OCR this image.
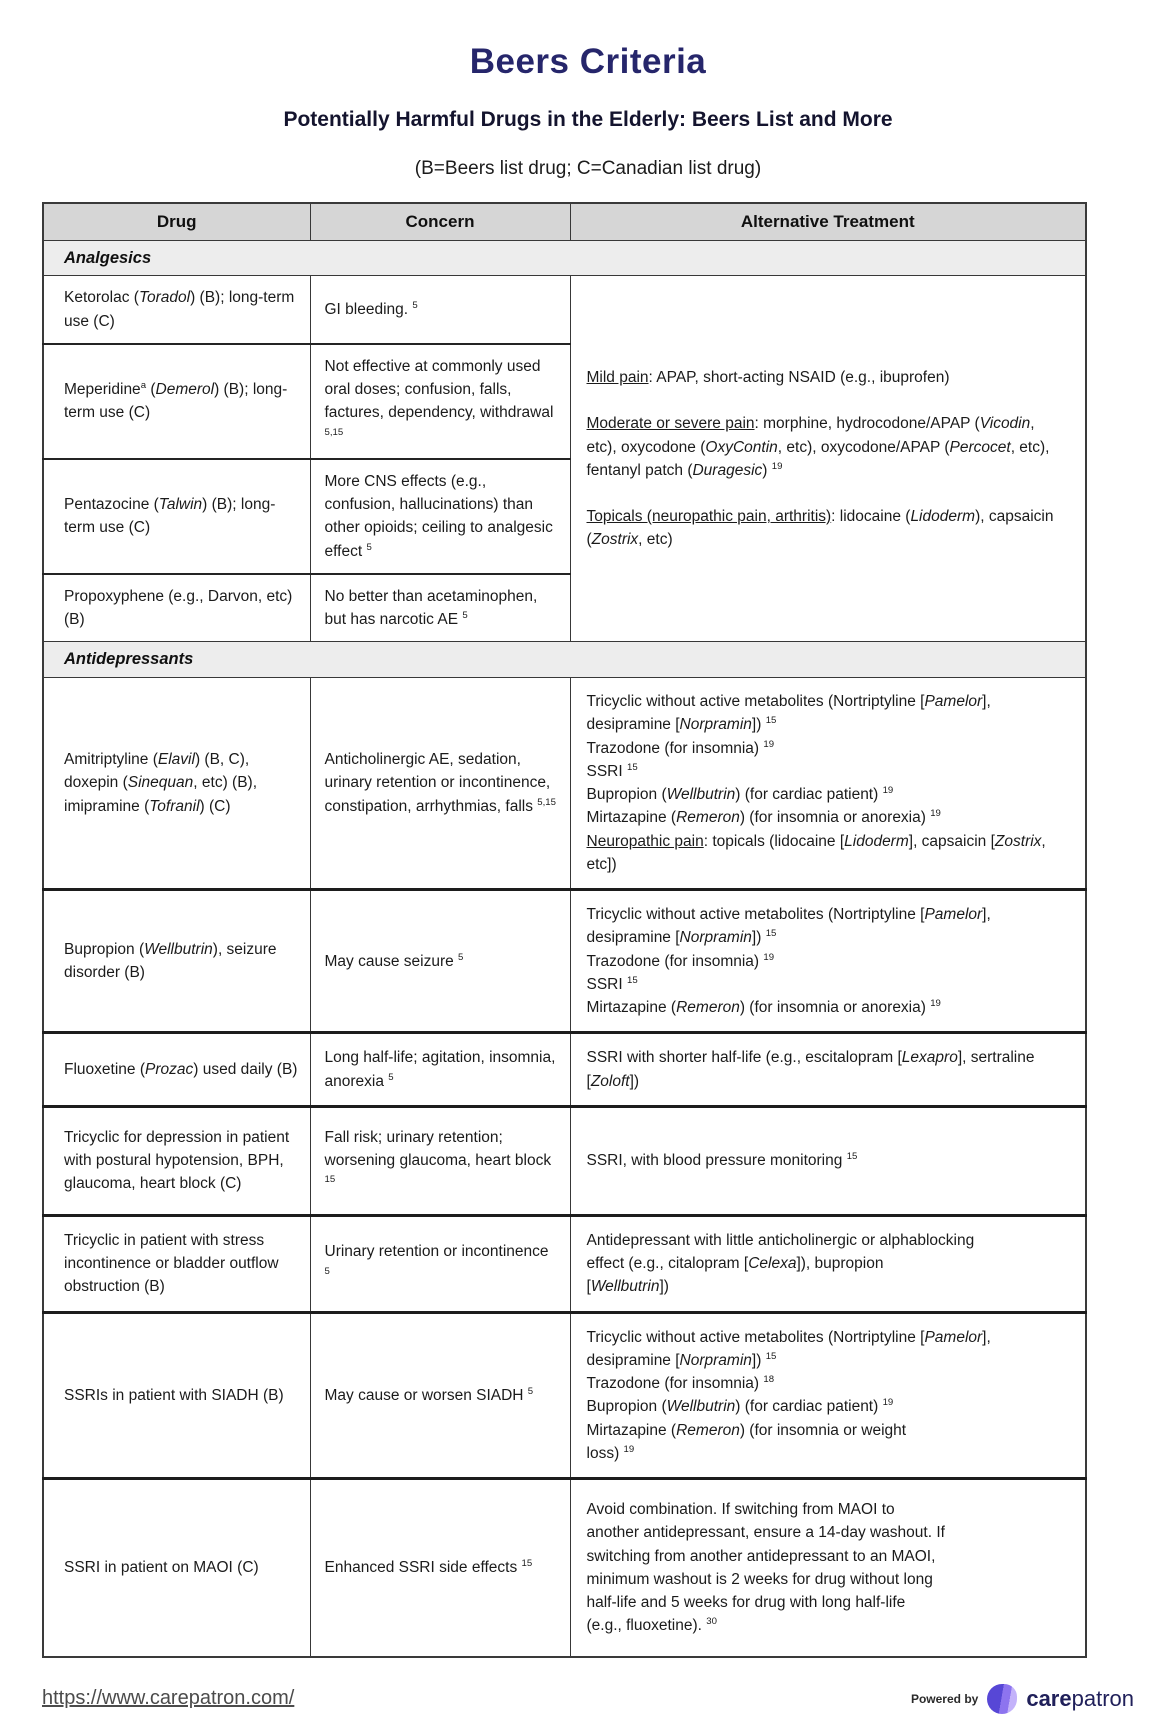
Beers Criteria
Potentially Harmful Drugs in the Elderly: Beers List and More
(B=Beers list drug; C=Canadian list drug)
Drug	Concern	Alternative Treatment
Analgesics		
Ketorolac (Toradol) (B); long-term use (C)	GI bleeding. $^5$	

Mild pain: APAP, short-acting NSAID (e.g., ibuprofen)

Moderate or severe pain: morphine, hydrocodone/APAP (Vicodin,
etc), oxycodone (OxyContin, etc), oxycodone/APAP (Percocet, etc),
fentanyl patch (Duragesic) $^{19}$

Topicals (neuropathic pain, arthritis): lidocaine (Lidoderm), capsaicin
(Zostrix, etc)

Meperidine$^a$ (Demerol) (B); long-term use (C)	Not effective at commonly used oral doses; confusion, falls, factures, dependency, withdrawal $^{5,15}$
Pentazocine (Talwin) (B); long-term use (C)	More CNS effects (e.g., confusion, hallucinations) than other opioids; ceiling to analgesic effect $^5$
Propoxyphene (e.g., Darvon, etc) (B)	No better than acetaminophen, but has narcotic AE $^5$
Antidepressants		
Amitriptyline (Elavil) (B, C), doxepin (Sinequan, etc) (B), imipramine (Tofranil) (C)	Anticholinergic AE, sedation, urinary retention or incontinence, constipation, arrhythmias, falls $^{5,15}$	Tricyclic without active metabolites (Nortriptyline [Pamelor],
desipramine [Norpramin]) $^{15}$
Trazodone (for insomnia) $^{19}$
SSRI $^{15}$
Bupropion (Wellbutrin) (for cardiac patient) $^{19}$
Mirtazapine (Remeron) (for insomnia or anorexia) $^{19}$
Neuropathic pain: topicals (lidocaine [Lidoderm], capsaicin [Zostrix,
etc])
Bupropion (Wellbutrin), seizure disorder (B)	May cause seizure $^5$	Tricyclic without active metabolites (Nortriptyline [Pamelor],
desipramine [Norpramin]) $^{15}$
Trazodone (for insomnia) $^{19}$
SSRI $^{15}$
Mirtazapine (Remeron) (for insomnia or anorexia) $^{19}$
Fluoxetine (Prozac) used daily (B)	Long half-life; agitation, insomnia, anorexia $^5$	SSRI with shorter half-life (e.g., escitalopram [Lexapro], sertraline
[Zoloft])
Tricyclic for depression in patient with postural hypotension, BPH, glaucoma, heart block (C)	Fall risk; urinary retention; worsening glaucoma, heart block $^{15}$	SSRI, with blood pressure monitoring $^{15}$
Tricyclic in patient with stress incontinence or bladder outflow obstruction (B)	Urinary retention or incontinence $^5$	Antidepressant with little anticholinergic or alphablocking
effect (e.g., citalopram [Celexa]), bupropion
[Wellbutrin])
SSRIs in patient with SIADH (B)	May cause or worsen SIADH $^5$	Tricyclic without active metabolites (Nortriptyline [Pamelor],
desipramine [Norpramin]) $^{15}$
Trazodone (for insomnia) $^{18}$
Bupropion (Wellbutrin) (for cardiac patient) $^{19}$
Mirtazapine (Remeron) (for insomnia or weight
loss) $^{19}$
SSRI in patient on MAOI (C)	Enhanced SSRI side effects $^{15}$	Avoid combination. If switching from MAOI to
another antidepressant, ensure a 14-day washout. If
switching from another antidepressant to an MAOI,
minimum washout is 2 weeks for drug without long
half-life and 5 weeks for drug with long half-life
(e.g., fluoxetine). $^{30}$
https://www.carepatron.com/	Powered by carepatron
